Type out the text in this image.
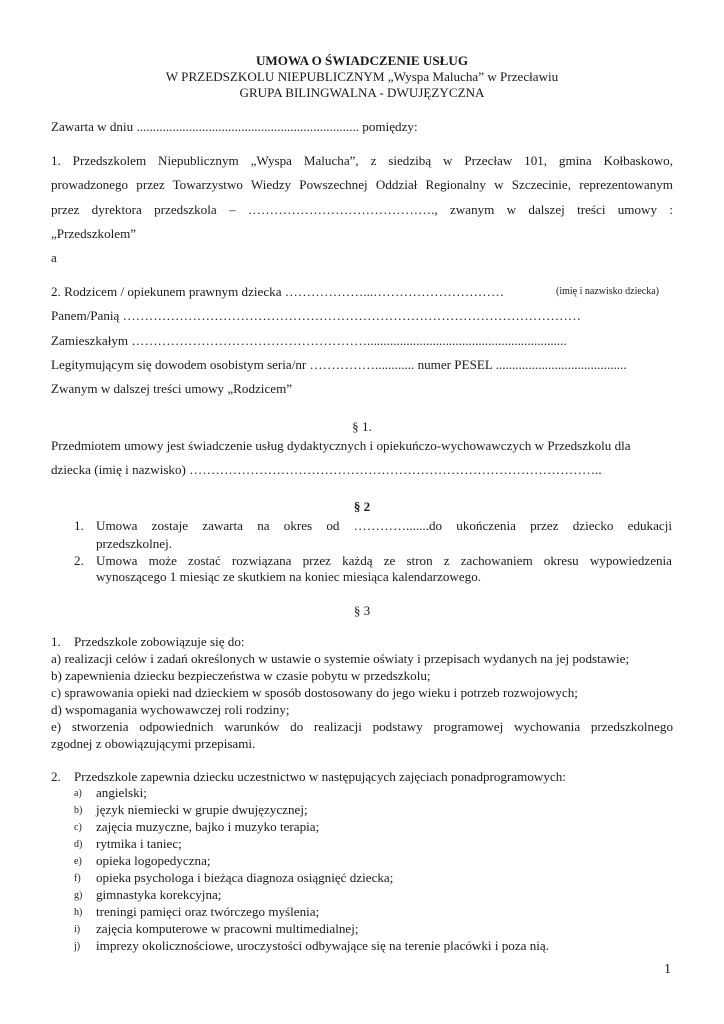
UMOWA O ŚWIADCZENIE USŁUG
W PRZEDSZKOLU NIEPUBLICZNYM „Wyspa Malucha” w Przecławiu
GRUPA BILINGWALNA - DWUJĘZYCZNA
Zawarta w dniu .................................................................... pomiędzy:
1. Przedszkolem Niepublicznym „Wyspa Malucha”, z siedzibą w Przecław 101, gmina Kołbaskowo,
prowadzonego przez Towarzystwo Wiedzy Powszechnej Oddział Regionalny w Szczecinie, reprezentowanym
przez dyrektora przedszkola – ……………………………………., zwanym w dalszej treści umowy :
„Przedszkolem”
a
2. Rodzicem / opiekunem prawnym dziecka ………………...…………………………	(imię i nazwisko dziecka)
Panem/Panią ……………………………………………………………………………………………
Zamieszkałym ……………………………………………….............................................................
Legitymującym się dowodem osobistym seria/nr ……………............ numer PESEL ........................................
Zwanym w dalszej treści umowy „Rodzicem”
§ 1.
Przedmiotem umowy jest świadczenie usług dydaktycznych i opiekuńczo-wychowawczych w Przedszkolu dla
dziecka (imię i nazwisko) …………………………………………………………………………………..
§ 2
1. Umowa zostaje zawarta na okres od ………….......do ukończenia przez dziecko edukacji
przedszkolnej.
2. Umowa może zostać rozwiązana przez każdą ze stron z zachowaniem okresu wypowiedzenia
wynoszącego 1 miesiąc ze skutkiem na koniec miesiąca kalendarzowego.
§ 3
1. Przedszkole zobowiązuje się do:
a) realizacji celów i zadań określonych w ustawie o systemie oświaty i przepisach wydanych na jej podstawie;
b) zapewnienia dziecku bezpieczeństwa w czasie pobytu w przedszkolu;
c) sprawowania opieki nad dzieckiem w sposób dostosowany do jego wieku i potrzeb rozwojowych;
d) wspomagania wychowawczej roli rodziny;
e) stworzenia odpowiednich warunków do realizacji podstawy programowej wychowania przedszkolnego
zgodnej z obowiązującymi przepisami.
2. Przedszkole zapewnia dziecku uczestnictwo w następujących zajęciach ponadprogramowych:
a) angielski;
b) język niemiecki w grupie dwujęzycznej;
c) zajęcia muzyczne, bajko i muzyko terapia;
d) rytmika i taniec;
e) opieka logopedyczna;
f) opieka psychologa i bieżąca diagnoza osiągnięć dziecka;
g) gimnastyka korekcyjna;
h) treningi pamięci oraz twórczego myślenia;
i) zajęcia komputerowe w pracowni multimedialnej;
j) imprezy okolicznościowe, uroczystości odbywające się na terenie placówki i poza nią.
1
